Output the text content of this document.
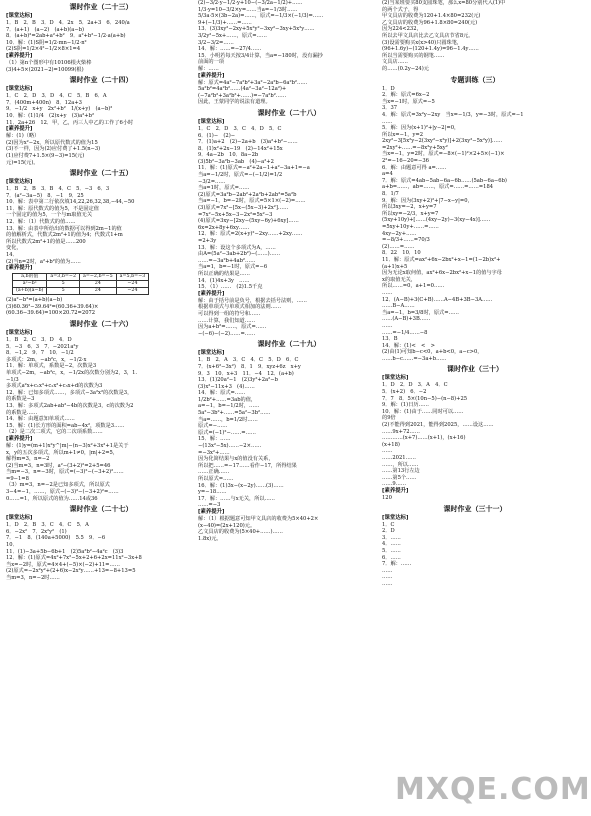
课时作业（二十三）
[课堂达标]
1．B　2．B　3．D　4．2x　5．2a+3　6．240/a
7．(a+1)　(a−2)　(a+b)(a−b)
8．(a+b)²=2ab+a²+b²　9．a²+b²−1/2·a(a+b)
10．解：(1)S阴=1/2·mn−1/2·n²
(2)S阴=1/2×4²−1/2×8×1=4
[素养提升]
（1）第n个图形中有10106根火柴棒
(3)4+5×(2021−2)=10099(根)
课时作业（二十四）
[课堂达标]
1．C　2．D　3．D　4．C　5．B　6．A
7．(400m+400n)　8．12a+3
9．−1/2　x+y　2x²+b²　1/(x+y)　(a−b)²
10．解：(1)1/4　(2)x+y　(3)a²+b²
11．2a+26　12．甲，乙，丙三人中乙的工作了6小时
[素养提升]
解：(1)（略）
(2)因为x²−2x，所以原代数式的值为15
(3)不一样，因为(2)应付费了+1.5(n−3)
(1)应付费7+1.5×(9−3)=15(元)
元)=15(元)。
课时作业（二十五）
[课堂达标]
1．B　2．B　3．B　4．C　5．−3　6．3
7．(a²−3a−5)　8．−1　9．25
10．解：表中第二行依次填14,22,26,32,38,−44,−50
11．解：原代数式的值为5，不是固定值
一个固定的值为5，一个与m取值无关
12．解：（1）代数式的值……
13．解：由表中所给出的数据可以得到2m−1的值
的值解析式，代数式2m²+1的值为4；代数式1+m
所以代数式2m²+1的值是……200
变化，
14．
(2)当n=2时，a²+b²的值为……
[素养提升]
a,b的值	a=3,b=−2	a=−2,b=−5	a=5,b=−3
a²−b²	5	24	−24
(a+b)(a−b)	5	24	−24
(2)a²−b²=(a+b)(a−b)
(3)60.36²−39.64²=(60.36+39.64)×
(60.36−39.64)=100×20.72=2072
课时作业（二十六）
[课堂达标]
1．B　2．C　3．D　4．D
5．−3　6．3　7．−2021a²y
8．−1,2　9．7　10．−1/2
多项式：2m，−ab²c，x，−1/2·x
11．解：单项式，系数是−2，次数是3
单项式−2m，−ab²c，x，−1/2x的次数分别为2，3，1.
−1/3
多项式a²x+c₁x³+c₂x²+c₃x+d的次数为3
12．解：已知多项式……，多项式−3a²x²的次数是3，
的系数是−3
13．解：多项式2ab+ab²−4b的次数是3，c的次数为2
的系数是……
14．解：由题意知单项式……
15．解：(1)长方形的面积=ab−4x²，项数是3……
（2）是二次二项式，它的二次项系数……
[素养提升]
解：(1)y=(m+1)x²y^|m|−(n−3)x²+3x²+1是关于
x，y的五次多项式，所以m+1≠0，|m|+2=5，
解得m=3，n=−2
(2)当m=3，n=3时，a²−(3+2)²=2+5=46
当m=−3，n=−3时，原式=(−3)²−(−3+2)²……
=9−1=8
（3）m=3，n=−2是已知多项式，所以原式
3−4=−1，……，原式−(−3)²−(−3+2)²=……
0……=1，所以原式的值为……14或36
课时作业（二十七）
[课堂达标]
1．D　2．B　3．C　4．C　5．A
6．−2x²　7．2x²y²　(1)
7．−1　8．(140a+5000)　5.5　9．−6
10．
11．(1)−3a+5b−6b+1　(2)5a³b²−4a²c　(3)3
12．解：(1)原式=4x²+7x²−5x+2+6+2x=11x²−3x+8
当x=−2时，原式=4×4+(−5)×(−2)+11=……
(2)原式=−2x²y²+(2+6)x−2x²y……+13=−8+13=5
当m=3，n=−2时……
(2)−3/2·y−1/2·y+10−(−3/2a−1/2)+……
1/3·y=10−3/2×y=……当a=−1/3时……
5/3a·5×(3b−2a)=……，原式=−1/3×(−1/3)=……
9+(−1/3)+……=……
13．(3)3xy²−2xy+5x²y²−3xy²−3xy+5x²y……
3/2y²−5x+……，原式=……
3/2−3/2=……
14．解：……=−27/4……
15．小明若每天按3/4计算，当a=−180时，没有漏抄
前面的一项
解：……
[素养提升]
解：原式=4a²−7a²b²+3a²−2a²b−6a²b²……
5a²b²=4a²b²……(4a²−3a²−12a²)+
(−7a²b²+3a²b²+……)=−7a²b²……
因此，王蒙同学的说法有道理。
课时作业（二十八）
[课堂达标]
1．C　2．D　3．C　4．D　5．C
6．(1)−　(2)−
7．(1)a+2　(2)−2a+b　(3)a²+b²−……
8．(1)x²+2x−19　(2)−14x²+15x
9．4a−2b　10．8a−2b
(3)5b²−3a²b−3ab　(4)−a²+2
11．解：(1)原式=−a²+2a−1+a²−3a+1=−a
当a=−1/2时，原式=−(−1/2)=1/2
−3/2=……
当a=1时，原式=……
(2)原式=3a²b−2ab²+2a²b+2ab²=5a²b
当a=−1，b=−2时，原式=5×1×(−2)=……
(3)原式=7x²−[5x−(5x−3)+2x²]……
=7x²−5x+5x−3−2x²=5x²−3
(4)原式=3xy−[2xy−(5xy−6y)+6xy]……
6x=2x+8y+6xy……
12．解：原式=2(x+y)²−2xy……+2xy……
=2+3y
13．解：设这个多项式为A，……
由A=(5a²−3ab+2b²)−(……)……
……=−3a²b+4ab²……
当a=1，b=−1时，原式=−6
所以正确的结果是……
14．(1)4x+3y　……
15．（1）……　(2)1.5千克
[素养提升]
解：由于括号前是负号，根据去括号法则，……
根据单项式与单项式相加的法则……
可以得到一组的符号和……
……计算，我们知道……
因为a+b²=……，原式=……
−(−6)−(−2)……=……
课时作业（二十九）
[课堂达标]
1．B　2．A　3．C　4．C　5．D　6．C
7．(x+6²−3x²)　8．1　9．xyz+6z　x+y
9．3　10．x+3　11．−4　12．(a+b)
13．(1)20a²−1　(2)3y²+2a²−b
(3)x²−11x+3　(4)……
14．解：原式=……
1/2b²+……=3ab的值，
a=−1，b=−1/2时，……
5a²−3b²+……=5a²−3b²……
当a=……，b=1/2时……
原式=−……
原式=(−1)²−……=……
15．解：……
−(13x²−5x)……−2×……
=−3x²+……
因为化简结果与x的值没有关系，
所以把……=−17……看作−17，所得结果
……正确……
所以原式=……
16．解：(1)3x−(x−2y)……(3)……
y=−18……
17．解：……与x无关，所以……
……=−3
[素养提升]
解：（1）根据题意可知甲文具店的收费为5×40+2×
(x−40)=(2x+120)元。
乙文具店的收费为(5×40+……)……
1.8x)元。
(2)当某班要买80支圆珠笔，那么x=80分别代入(1)中
的两个式子，得
甲文具店的收费为120+1.4×80=232(元)
乙文具店的收费为96+1.8×80=240(元)
因为224<232，
所以去甲文具店比去乙文具店节省8元。
(3)设需要购买x(x>40)只圆珠笔，
(96+1.6y)−(120+1.4y)=96−1.4y……
所以当需要购买的钢笔……
文具店……
的……(0.2y−24)元
专题训练（三）
1．D
2．解：原式=6x−2
当x=−1时，原式=−5
3．37
4．解：原式=3x²y−2xy　当x=−1/3，y=−3时，原式=−1
……
5．解：因为(x+1)²+|y−2|=0，
所以x=−1，y=2
2xy²−3[5x²y−2(3xy²−x²y)]+2(3xy²−5x²y)]……
=2xy²+……=−8x²y+5xy²
当x=−1，y=2时，原式=−8×(−1)²×2+5×(−1)×
2²=−16−20=−36
6．解：由题意可得 a=……
a=4
7．解：原式=4ab−5ab−6a−6b……(5ab−6a−6b)
a+b=……，ab=……，原式=……=……=184
8．1/7
9．解：因为(3xy+2)²+|7−x−y|=0，
所以3xy=−2，x+y=7
所以xy=−2/3，x+y=7
(5xy+10y)+[……(4xy−2y)−3(xy−4x)]……
=5xy+10y+……=……
4xy−2y+……
=−8/3+……=70/3
(2)……=……
8．22　10．10
11．解：原式=ax²+6x−2bx²+x−1=(1−2b)x²+
(a+1)x+5
因为无论x取何值，ax²+6x−2bx²+x−1的值与字母
x的取值无关，
所以……=0，a+1=0……
……
12．(A−B)+3(C+B)……A−4B+3B−3A……
……B−A……
当a=−1，b=3/8时，原式=……
……(A−B)+3B……
……
……=−1/4……−8
13．B
14．解：(1)<　<　>
(2)由(1)可知b−c<0，a+b<0，a−c>0，
……b−c……=−3a+b……
课时作业（三十）
[课堂达标]
1．D　2．D　3．A　4．C
5．(x+2)　6．−2
7．7　8．5×(10n−5)−(n−8)+25
9．解：(1)日历……
10．解：(1)由于……同时可以……
的9倍
(2)不能得到2021，能得到2025，……设这……
……9x+72……
…………(x+7)……(x+1)，(x+16)
(x+18)
……
……2021……
……，所以……
……第13行左边
……第5个……
……9……
[素养提升]
120
课时作业（三十一）
[课堂达标]
1．C
2．D
3．……
4．……
5．……
6．……
7．解：……
……
……
……
MXQE.COM
